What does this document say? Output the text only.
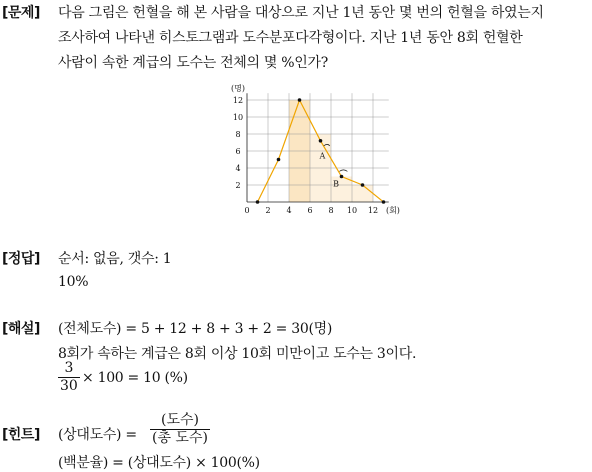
[문제] 다음 그림은 헌혈을 해 본 사람을 대상으로 지난 1년 동안 몇 번의 헌혈을 하였는지
조사하여 나타낸 히스토그램과 도수분포다각형이다. 지난 1년 동안 8회 헌혈한
사람이 속한 계급의 도수는 전체의 몇 %인가?
A
B
0 2 4 6 8 10 12
2
4
6
8
10
12
(명)
(회)
[정답] 순서: 없음, 갯수: 1
10%
[해설] (전체도수) = 5 + 12 + 8 + 3 + 2 = 30(명)
8회가 속하는 계급은 8회 이상 10회 미만이고 도수는 3이다.
$\frac{3}{30} \times 100 = 10$ (%)
[힌트] (상대도수) =
(도수)
(총 도수)
(백분율) = (상대도수) × 100(%)
